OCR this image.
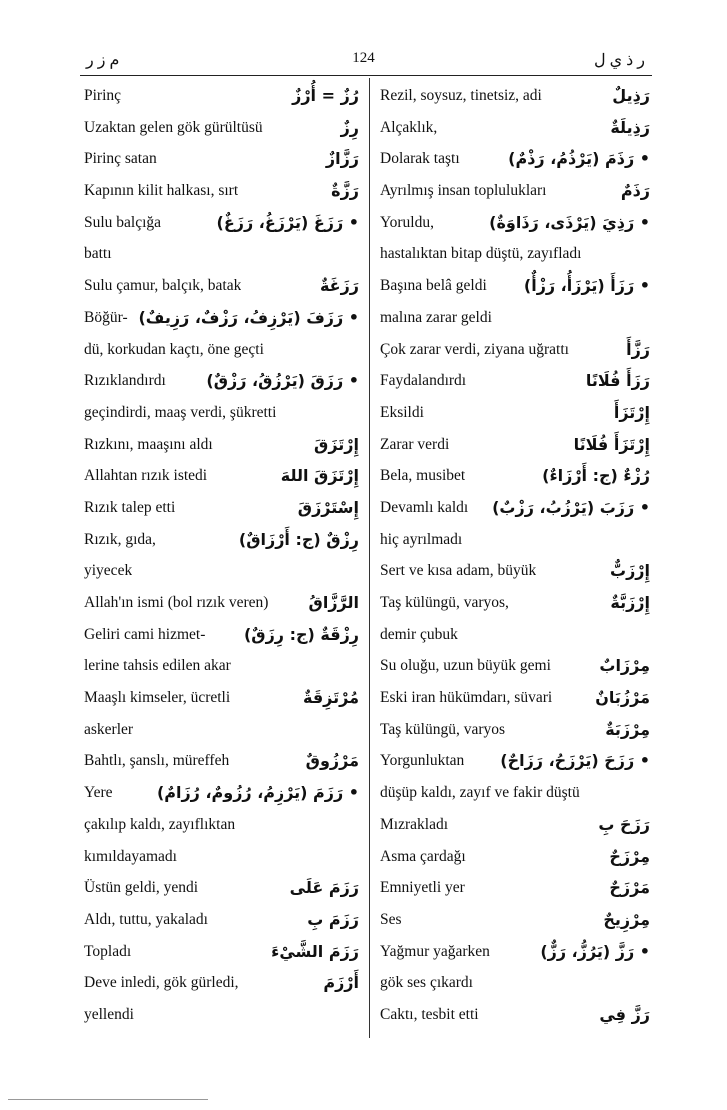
م ز ر	124	ر ذ ي ل
Pirinç	رُزٌ = أُرْزٌ
Uzaktan gelen gök gürültüsü	رِزٌ
Pirinç satan	رَزَّازٌ
Kapının kilit halkası, sırt	رَزَّةٌ
Sulu balçığa	• رَزَغَ (يَرْزَغُ، رَزَغٌ)
battı
Sulu çamur, balçık, batak	رَزَغَةٌ
Böğür- • رَزَفَ (يَرْزِفُ، رَزْفٌ، رَزِيفٌ)
dü, korkudan kaçtı, öne geçti
Rızıklandırdı	• رَزَقَ (يَرْزُقُ، رَزْقٌ)
geçindirdi, maaş verdi, şükretti
Rızkını, maaşını aldı	إِرْتَزَقَ
Allahtan rızık istedi	إِرْتَزَقَ اللهَ
Rızık talep etti	إِسْتَرْزَقَ
Rızık, gıda,	رِزْقٌ (ج: أَرْزَاقٌ)
yiyecek
Allah'ın ismi (bol rızık veren)	الرَّزَّاقُ
Geliri cami hizmet- رِزْقَةٌ (ج: رِزَقٌ)
lerine tahsis edilen akar
Maaşlı kimseler, ücretli	مُرْتَزِقَةٌ
askerler
Bahtlı, şanslı, müreffeh	مَرْزُوقٌ
Yere	• رَزَمَ (يَرْزِمُ، رُزُومٌ، رُزَامٌ)
çakılıp kaldı, zayıflıktan
kımıldayamadı
Üstün geldi, yendi	رَزَمَ عَلَى
Aldı, tuttu, yakaladı	رَزَمَ بِ
Topladı	رَزَمَ الشَّيْءَ
Deve inledi, gök gürledi,	أَرْزَمَ
yellendi
Rezil, soysuz, tinetsiz, adi	رَذِيلٌ
Alçaklık,	رَذِيلَةٌ
Dolarak taştı	• رَذَمَ (يَرْذُمُ، رَذْمٌ)
Ayrılmış insan toplulukları	رَذَمٌ
Yoruldu,	• رَذِيَ (يَرْذَى، رَذَاوَةٌ)
hastalıktan bitap düştü, zayıfladı
Başına belâ geldi • رَزَأَ (يَرْزَأُ، رَزْأٌ)
malına zarar geldi
Çok zarar verdi, ziyana uğrattı	رَزَّأَ
Faydalandırdı	رَزَأَ فُلَانًا
Eksildi	إِرْتَزَأَ
Zarar verdi	إِرْتَزَأَ فُلَانًا
Bela, musibet	رُزْءٌ (ج: أَرْزَاءٌ)
Devamlı kaldı • رَزَبَ (يَرْزُبُ، رَزْبٌ)
hiç ayrılmadı
Sert ve kısa adam, büyük	إِرْزَبٌّ
Taş külüngü, varyos,	إِرْزَبَّةٌ
demir çubuk
Su oluğu, uzun büyük gemi	مِرْزَابٌ
Eski iran hükümdarı, süvari	مَرْزُبَانٌ
Taş külüngü, varyos	مِرْزَبَةٌ
Yorgunluktan • رَزَحَ (يَرْزَحُ، رَزَاحٌ)
düşüp kaldı, zayıf ve fakir düştü
Mızrakladı	رَزَحَ بِ
Asma çardağı	مِرْزَحٌ
Emniyetli yer	مَرْزَحٌ
Ses	مِرْزِيحٌ
Yağmur yağarken	• رَزَّ (يَرُزُّ، رَزٌّ)
gök ses çıkardı
Caktı, tesbit etti	رَزَّ فِي
